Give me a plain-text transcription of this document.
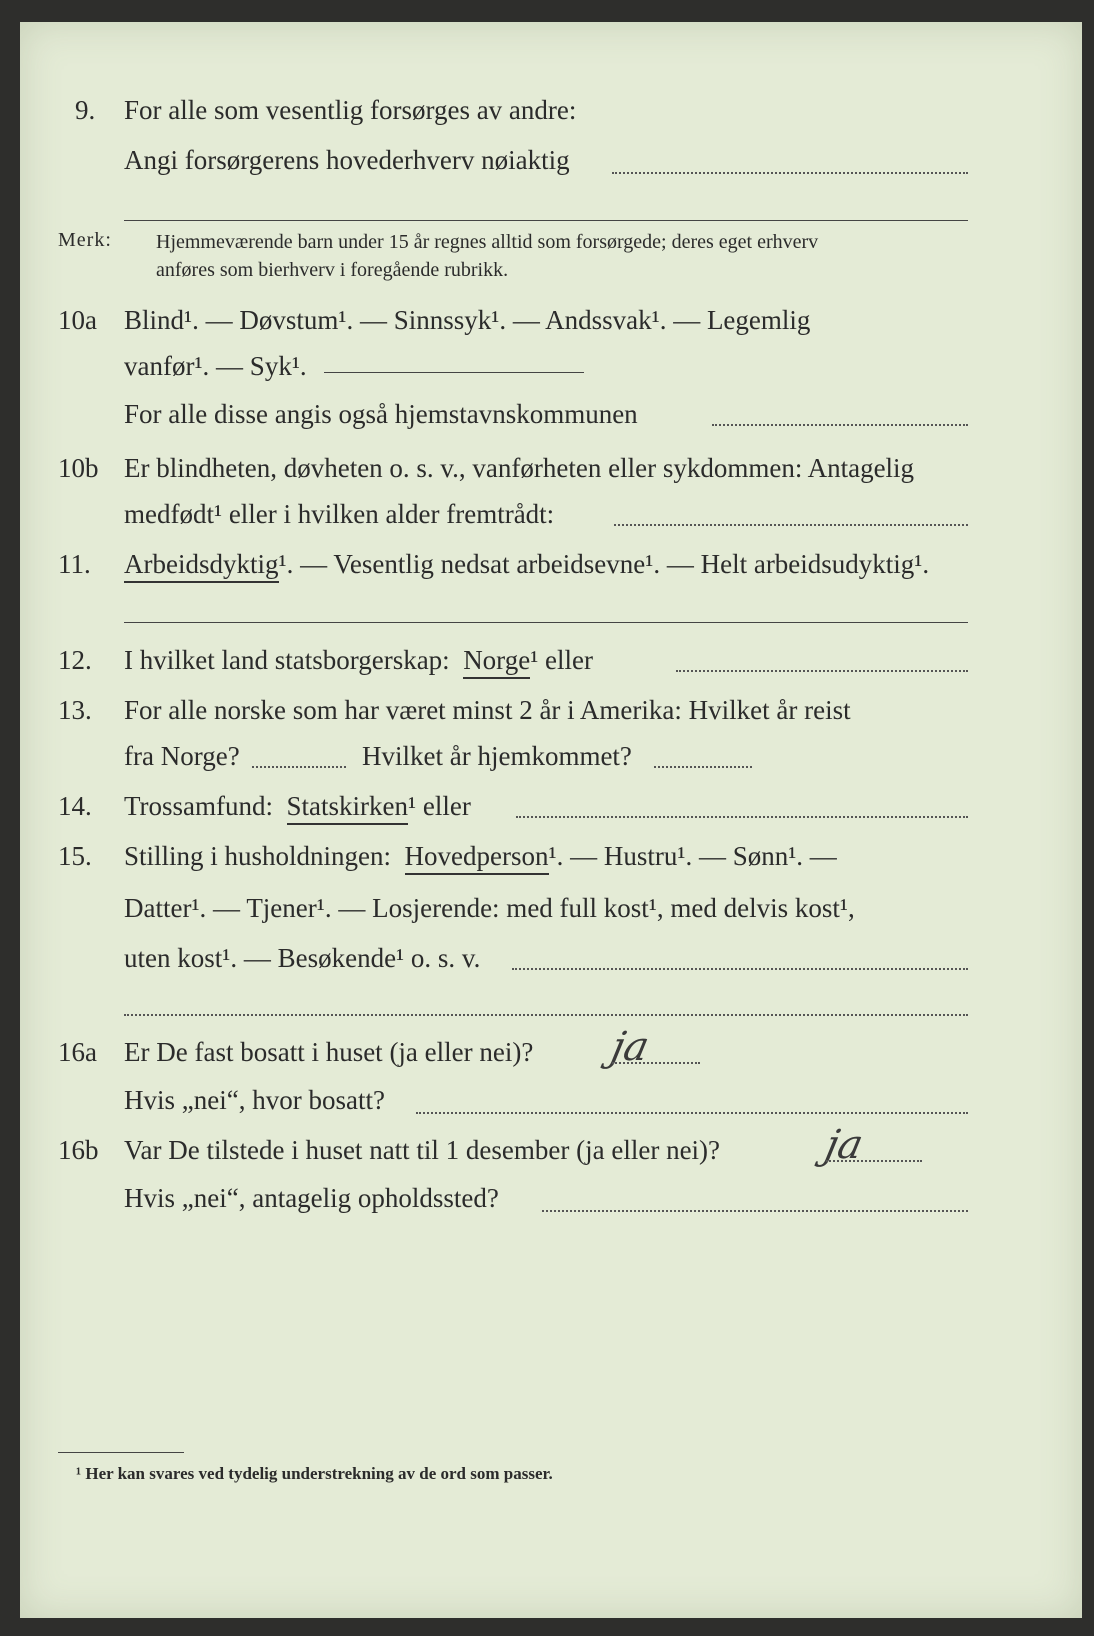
9. For alle som vesentlig forsørges av andre:
Angi forsørgerens hovederhverv nøiaktig
Merk: Hjemmeværende barn under 15 år regnes alltid som forsørgede; deres eget erhverv
anføres som bierhverv i foregående rubrikk.
10a Blind¹. — Døvstum¹. — Sinnssyk¹. — Andssvak¹. — Legemlig
vanfør¹. — Syk¹.
For alle disse angis også hjemstavnskommunen
10b Er blindheten, døvheten o. s. v., vanførheten eller sykdommen: Antagelig
medfødt¹ eller i hvilken alder fremtrådt:
11. Arbeidsdyktig¹. — Vesentlig nedsat arbeidsevne¹. — Helt arbeidsudyktig¹.
12. I hvilket land statsborgerskap: Norge¹ eller
13. For alle norske som har været minst 2 år i Amerika: Hvilket år reist
fra Norge?	Hvilket år hjemkommet?
14. Trossamfund: Statskirken¹ eller
15. Stilling i husholdningen: Hovedperson¹. — Hustru¹. — Sønn¹. —
Datter¹. — Tjener¹. — Losjerende: med full kost¹, med delvis kost¹,
uten kost¹. — Besøkende¹ o. s. v.
16a Er De fast bosatt i huset (ja eller nei)? ja
Hvis „nei“, hvor bosatt?
16b Var De tilstede i huset natt til 1 desember (ja eller nei)?	ja
Hvis „nei“, antagelig opholdssted?
¹ Her kan svares ved tydelig understrekning av de ord som passer.
